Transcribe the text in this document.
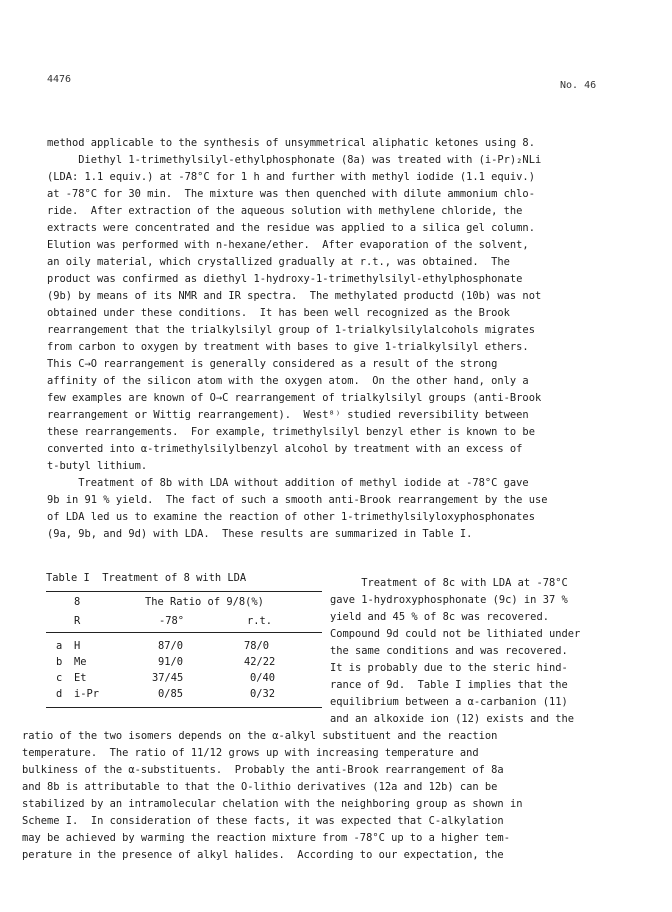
4476
No. 46
method applicable to the synthesis of unsymmetrical aliphatic ketones using 8.
Diethyl 1-trimethylsilyl-ethylphosphonate (8a) was treated with (i-Pr)₂NLi
(LDA: 1.1 equiv.) at -78°C for 1 h and further with methyl iodide (1.1 equiv.)
at -78°C for 30 min.  The mixture was then quenched with dilute ammonium chlo-
ride.  After extraction of the aqueous solution with methylene chloride, the
extracts were concentrated and the residue was applied to a silica gel column.
Elution was performed with n-hexane/ether.  After evaporation of the solvent,
an oily material, which crystallized gradually at r.t., was obtained.  The
product was confirmed as diethyl 1-hydroxy-1-trimethylsilyl-ethylphosphonate
(9b) by means of its NMR and IR spectra.  The methylated productd (10b) was not
obtained under these conditions.  It has been well recognized as the Brook
rearrangement that the trialkylsilyl group of 1-trialkylsilylalcohols migrates
from carbon to oxygen by treatment with bases to give 1-trialkylsilyl ethers.
This C→O rearrangement is generally considered as a result of the strong
affinity of the silicon atom with the oxygen atom.  On the other hand, only a
few examples are known of O→C rearrangement of trialkylsilyl groups (anti-Brook
rearrangement or Wittig rearrangement).  West⁸⁾ studied reversibility between
these rearrangements.  For example, trimethylsilyl benzyl ether is known to be
converted into α-trimethylsilylbenzyl alcohol by treatment with an excess of
t-butyl lithium.
Treatment of 8b with LDA without addition of methyl iodide at -78°C gave
9b in 91 % yield.  The fact of such a smooth anti-Brook rearrangement by the use
of LDA led us to examine the reaction of other 1-trimethylsilyloxyphosphonates
(9a, 9b, and 9d) with LDA.  These results are summarized in Table I.
Table I  Treatment of 8 with LDA
8	The Ratio of 9/8(%)
R	-78°	r.t.
a H	87/0	78/0
b Me	91/0	42/22
c Et	37/45	0/40
d i-Pr	0/85	0/32
Treatment of 8c with LDA at -78°C
gave 1-hydroxyphosphonate (9c) in 37 %
yield and 45 % of 8c was recovered.
Compound 9d could not be lithiated under
the same conditions and was recovered.
It is probably due to the steric hind-
rance of 9d.  Table I implies that the
equilibrium between a α-carbanion (11)
and an alkoxide ion (12) exists and the
ratio of the two isomers depends on the α-alkyl substituent and the reaction
temperature.  The ratio of 11/12 grows up with increasing temperature and
bulkiness of the α-substituents.  Probably the anti-Brook rearrangement of 8a
and 8b is attributable to that the O-lithio derivatives (12a and 12b) can be
stabilized by an intramolecular chelation with the neighboring group as shown in
Scheme I.  In consideration of these facts, it was expected that C-alkylation
may be achieved by warming the reaction mixture from -78°C up to a higher tem-
perature in the presence of alkyl halides.  According to our expectation, the
